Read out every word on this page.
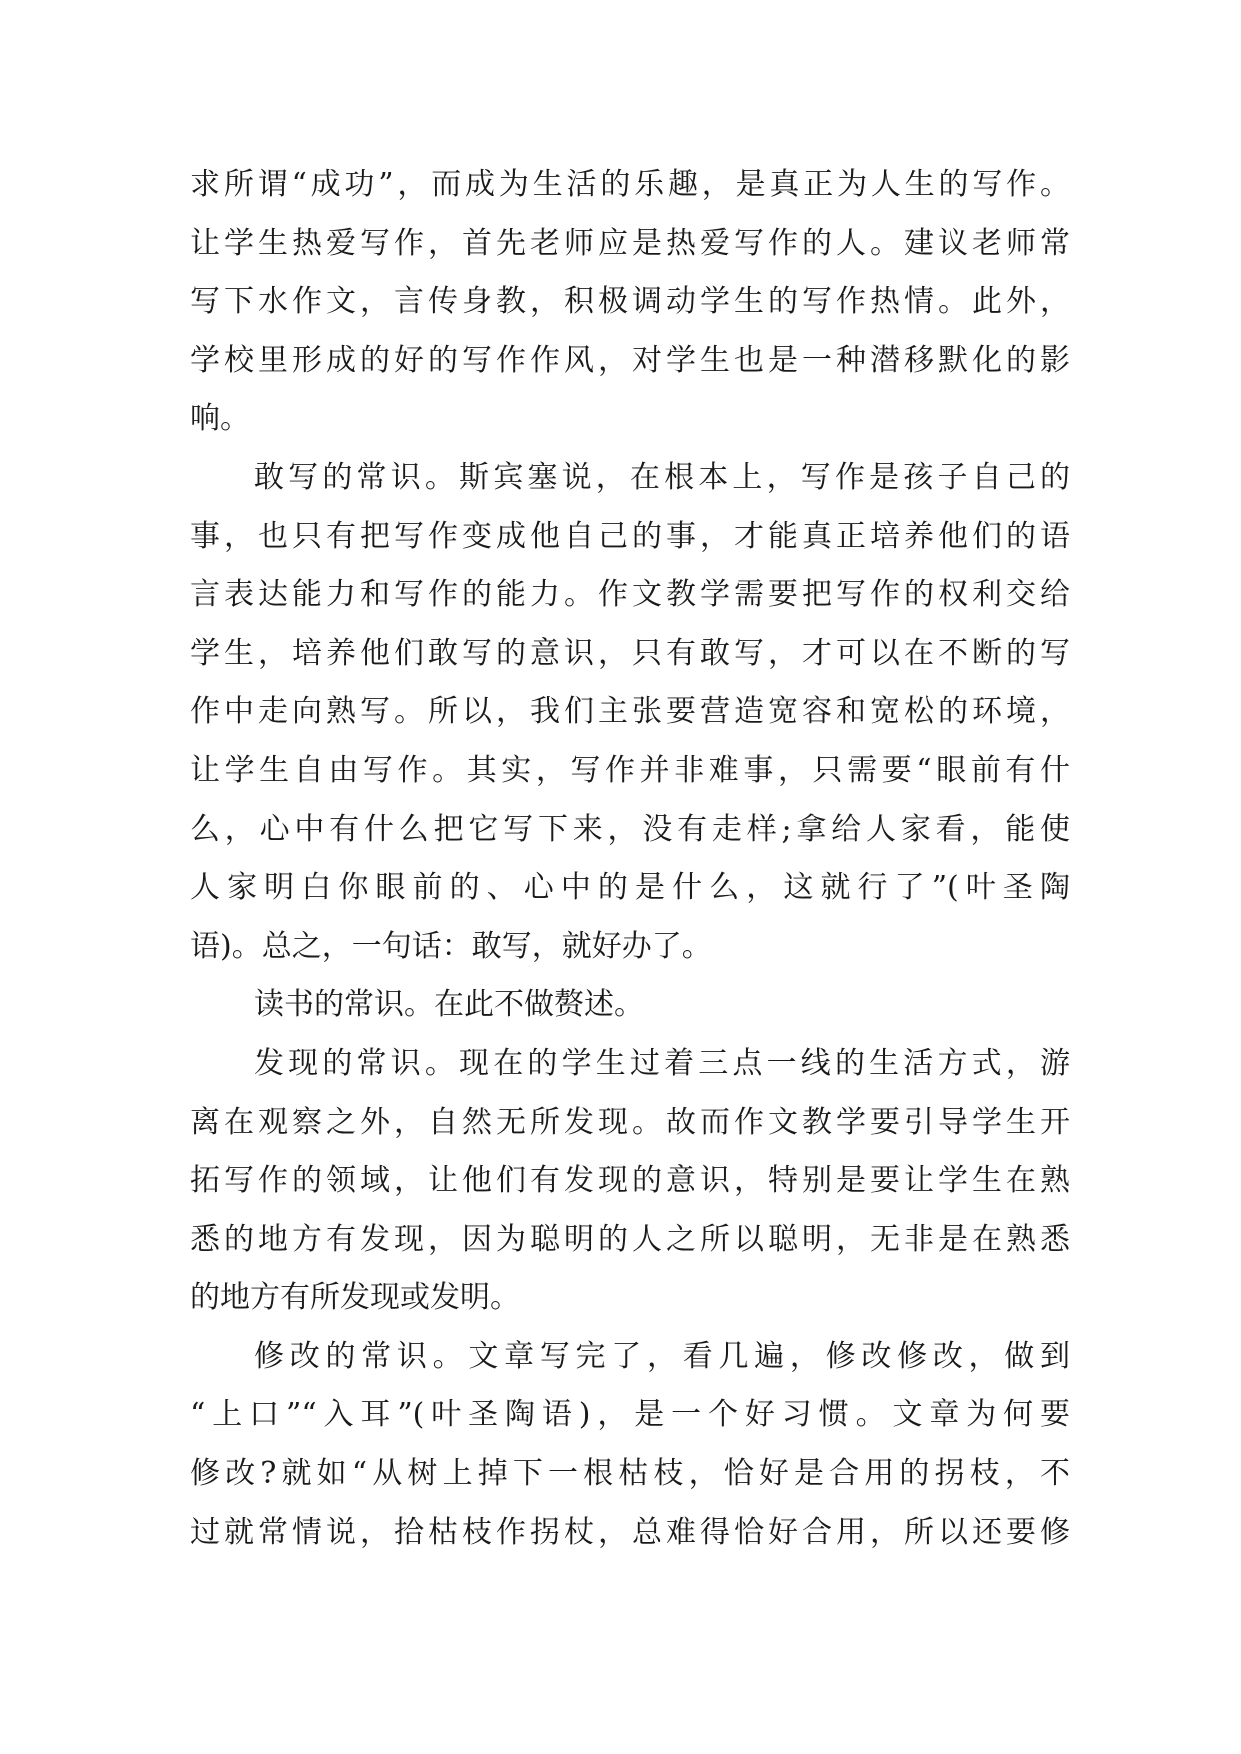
求所谓“成功”，而成为生活的乐趣，是真正为人生的写作。
让学生热爱写作，首先老师应是热爱写作的人。建议老师常
写下水作文，言传身教，积极调动学生的写作热情。此外，
学校里形成的好的写作作风，对学生也是一种潜移默化的影
响。
敢写的常识。斯宾塞说，在根本上，写作是孩子自己的
事，也只有把写作变成他自己的事，才能真正培养他们的语
言表达能力和写作的能力。作文教学需要把写作的权利交给
学生，培养他们敢写的意识，只有敢写，才可以在不断的写
作中走向熟写。所以，我们主张要营造宽容和宽松的环境，
让学生自由写作。其实，写作并非难事，只需要“眼前有什
么，心中有什么把它写下来，没有走样;拿给人家看，能使
人家明白你眼前的、心中的是什么，这就行了”(叶圣陶
语)。总之，一句话：敢写，就好办了。
读书的常识。在此不做赘述。
发现的常识。现在的学生过着三点一线的生活方式，游
离在观察之外，自然无所发现。故而作文教学要引导学生开
拓写作的领域，让他们有发现的意识，特别是要让学生在熟
悉的地方有发现，因为聪明的人之所以聪明，无非是在熟悉
的地方有所发现或发明。
修改的常识。文章写完了，看几遍，修改修改，做到
“上口”“入耳”(叶圣陶语)，是一个好习惯。文章为何要
修改?就如“从树上掉下一根枯枝，恰好是合用的拐枝，不
过就常情说，拾枯枝作拐杖，总难得恰好合用，所以还要修
